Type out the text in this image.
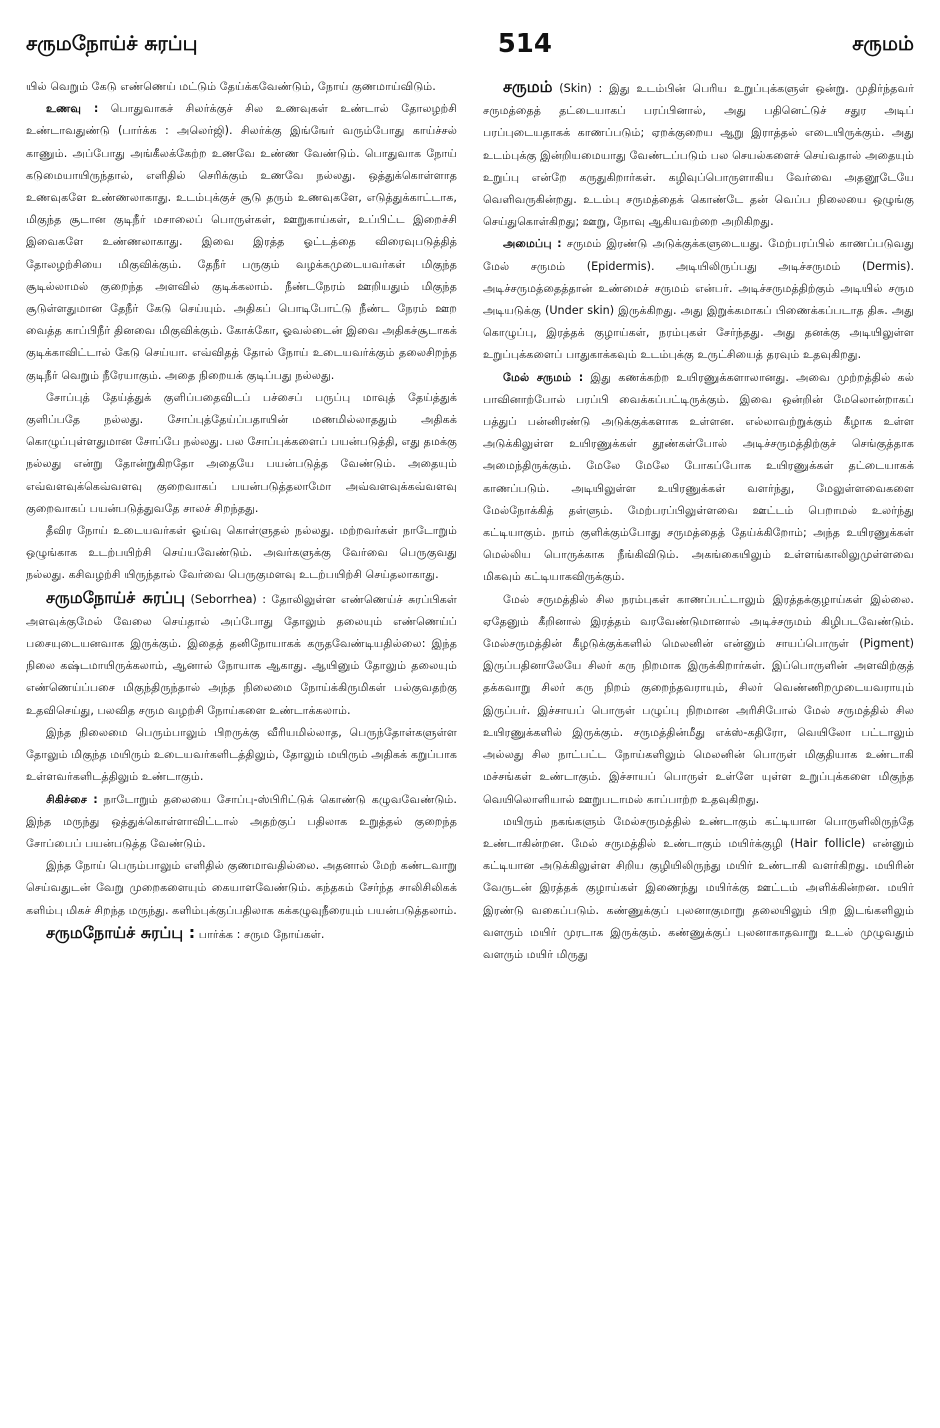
சருமநோய்ச் சுரப்பு	514	சருமம்

யில் வெறும் கேடு எண்ணெய் மட்டும் தேய்க்கவேண்டும், நோய் குணமாய்விடும்.

உணவு : பொதுவாகச் சிலர்க்குச் சில உணவுகள் உண்டால் தோலழற்சி உண்டாவதுண்டு (பார்க்க : அலெர்ஜி). சிலர்க்கு இங்ஙேர் வரும்போது காய்ச்சல் காணும். அப்போது அங்கீலக்கேற்ற உணவே உண்ண வேண்டும். பொதுவாக நோய் கடுமையாயிருந்தால், எளிதில் செரிக்கும் உணவே நல்லது. ஒத்துக்கொள்ளாத உணவுகளே உண்ணலாகாது. உடம்புக்குச் சூடு தரும் உணவுகளே, எடுத்துக்காட்டாக, மிகுந்த சூடான குடிநீர் மசாலைப் பொருள்கள், ஊறுகாய்கள், உப்பிட்ட இறைச்சி இவைகளே உண்ணலாகாது. இவை இரத்த ஓட்டத்தை விரைவுபடுத்தித் தோலழற்சியை மிகுவிக்கும். தேநீர் பருகும் வழக்கமுடையவர்கள் மிகுந்த சூடில்லாமல் குறைந்த அளவில் குடிக்கலாம். நீண்டநேரம் ஊறியதும் மிகுந்த சூடுள்ளதுமான தேநீர் கேடு செய்யும். அதிகப் பொடிபோட்டு நீண்ட நேரம் ஊற வைத்த காப்பிநீர் தினவை மிகுவிக்கும். கோக்கோ, ஓவல்டைன் இவை அதிகச்சூடாகக் குடிக்காவிட்டால் கேடு செய்யா. எவ்விதத் தோல் நோய் உடையவர்க்கும் தலைசிறந்த குடிநீர் வெறும் நீரேயாகும். அதை நிறையக் குடிப்பது நல்லது.

சோப்புத் தேய்த்துக் குளிப்பதைவிடப் பச்சைப் பருப்பு மாவுத் தேய்த்துக் குளிப்பதே நல்லது. சோப்புத்தேய்ப்பதாயின் மணமில்லாததும் அதிகக் கொழுப்புள்ளதுமான சோப்பே நல்லது. பல சோப்புக்களைப் பயன்படுத்தி, எது தமக்கு நல்லது என்று தோன்றுகிறதோ அதையே பயன்படுத்த வேண்டும். அதையும் எவ்வளவுக்கெவ்வளவு குறைவாகப் பயன்படுத்தலாமோ அவ்வளவுக்கவ்வளவு குறைவாகப் பயன்படுத்துவதே சாலச் சிறந்தது.

தீவிர நோய் உடையவர்கள் ஓய்வு கொள்ளுதல் நல்லது. மற்றவர்கள் நாடோறும் ஒழுங்காக உடற்பயிற்சி செய்யவேண்டும். அவர்களுக்கு வேர்வை பெருகுவது நல்லது. கசிவழற்சி யிருந்தால் வேர்வை பெருகுமளவு உடற்பயிற்சி செய்தலாகாது.

சருமநோய்ச் சுரப்பு (Seborrhea) : தோலிலுள்ள எண்ணெய்ச் சுரப்பிகள் அளவுக்குமேல் வேலை செய்தால் அப்போது தோலும் தலையும் எண்ணெய்ப் பசையுடையனவாக இருக்கும். இதைத் தனிநோயாகக் கருதவேண்டியதில்லை: இந்த நிலை கஷ்டமாயிருக்கலாம், ஆனால் நோயாக ஆகாது. ஆயினும் தோலும் தலையும் எண்ணெய்ப்பசை மிகுந்திருந்தால் அந்த நிலைமை நோய்க்கிருமிகள் பல்குவதற்கு உதவிசெய்து, பலவித சரும வழற்சி நோய்களை உண்டாக்கலாம்.

இந்த நிலைமை பெரும்பாலும் பிறருக்கு வீரியமில்லாத, பெருந்தோள்களுள்ள தோலும் மிகுந்த மயிரும் உடையவர்களிடத்திலும், தோலும் மயிரும் அதிகக் கறுப்பாக உள்ளவர்களிடத்திலும் உண்டாகும்.

சிகிச்சை : நாடோறும் தலையை சோப்பு-ஸ்பிரிட்டுக் கொண்டு கழுவவேண்டும். இந்த மருந்து ஒத்துக்கொள்ளாவிட்டால் அதற்குப் பதிலாக உறுத்தல் குறைந்த சோப்பைப் பயன்படுத்த வேண்டும்.

இந்த நோய் பெரும்பாலும் எளிதில் குணமாவதில்லை. அதனால் மேற் கண்டவாறு செய்வதுடன் வேறு முறைகளையும் கையாளவேண்டும். கந்தகம் சேர்ந்த சாலிசிலிகக் களிம்பு மிகச் சிறந்த மருந்து. களிம்புக்குப்பதிலாக கக்கழுவுநீரையும் பயன்படுத்தலாம்.

சருமநோய்ச் சுரப்பு : பார்க்க : சரும நோய்கள்.

சருமம் (Skin) : இது உடம்பின் பெரிய உறுப்புக்களுள் ஒன்று. முதிர்ந்தவர் சருமத்தைத் தட்டையாகப் பரப்பினால், அது பதினெட்டுச் சதுர அடிப் பரப்புடையதாகக் காணப்படும்; ஏறக்குறைய ஆறு இராத்தல் எடையிருக்கும். அது உடம்புக்கு இன்றியமையாது வேண்டப்படும் பல செயல்களைச் செய்வதால் அதையும் உறுப்பு என்றே கருதுகிறார்கள். கழிவுப்பொருளாகிய வேர்வை அதனூடேயே வெளிவருகின்றது. உடம்பு சருமத்தைக் கொண்டே தன் வெப்ப நிலையை ஒழுங்கு செய்துகொள்கிறது; ஊறு, நோவு ஆகியவற்றை அறிகிறது.

அமைப்பு : சருமம் இரண்டு அடுக்குக்களுடையது. மேற்பரப்பில் காணப்படுவது மேல் சருமம் (Epidermis). அடியிலிருப்பது அடிச்சருமம் (Dermis). அடிச்சருமத்தைத்தான் உண்மைச் சருமம் என்பர். அடிச்சருமத்திற்கும் அடியில் சரும அடியடுக்கு (Under skin) இருக்கிறது. அது இறுக்கமாகப் பிணைக்கப்படாத திசு. அது கொழுப்பு, இரத்தக் குழாய்கள், நரம்புகள் சேர்ந்தது. அது தனக்கு அடியிலுள்ள உறுப்புக்களைப் பாதுகாக்கவும் உடம்புக்கு உருட்சியைத் தரவும் உதவுகிறது.

மேல் சருமம் : இது கணக்கற்ற உயிரணுக்களாலானது. அவை முற்றத்தில் கல் பாவினாற்போல் பரப்பி வைக்கப்பட்டிருக்கும். இவை ஒன்றின் மேலொன்றாகப் பத்துப் பன்னிரண்டு அடுக்குக்களாக உள்ளன. எல்லாவற்றுக்கும் கீழாக உள்ள அடுக்கிலுள்ள உயிரணுக்கள் தூண்கள்போல் அடிச்சருமத்திற்குச் செங்குத்தாக அமைந்திருக்கும். மேலே மேலே போகப்போக உயிரணுக்கள் தட்டையாகக் காணப்படும். அடியிலுள்ள உயிரணுக்கள் வளர்ந்து, மேலுள்ளவைகளை மேல்நோக்கித் தள்ளும். மேற்பரப்பிலுள்ளவை ஊட்டம் பெறாமல் உலர்ந்து கட்டியாகும். நாம் குளிக்கும்போது சருமத்தைத் தேய்க்கிறோம்; அந்த உயிரணுக்கள் மெல்லிய பொருக்காக நீங்கிவிடும். அகங்கையிலும் உள்ளங்காலிலுமுள்ளவை மிகவும் கட்டியாகவிருக்கும்.

மேல் சருமத்தில் சில நரம்புகள் காணப்பட்டாலும் இரத்தக்குழாய்கள் இல்லை. ஏதேனும் கீறினால் இரத்தம் வரவேண்டுமானால் அடிச்சருமம் கிழிபடவேண்டும். மேல்சருமத்தின் கீழடுக்குக்களில் மெலனின் என்னும் சாயப்பொருள் (Pigment) இருப்பதினாலேயே சிலர் கரு நிறமாக இருக்கிறார்கள். இப்பொருளின் அளவிற்குத் தக்கவாறு சிலர் கரு நிறம் குறைந்தவராயும், சிலர் வெண்ணிறமுடையவராயும் இருப்பர். இச்சாயப் பொருள் பழுப்பு நிறமான அரிசிபோல் மேல் சருமத்தில் சில உயிரணுக்களில் இருக்கும். சருமத்தின்மீது எக்ஸ்-கதிரோ, வெயிலோ பட்டாலும் அல்லது சில நாட்பட்ட நோய்களிலும் மெலனின் பொருள் மிகுதியாக உண்டாகி மச்சங்கள் உண்டாகும். இச்சாயப் பொருள் உள்ளே யுள்ள உறுப்புக்களை மிகுந்த வெயிலொளியால் ஊறுபடாமல் காப்பாற்ற உதவுகிறது.

மயிரும் நகங்களும் மேல்சருமத்தில் உண்டாகும் கட்டியான பொருளிலிருந்தே உண்டாகின்றன. மேல் சருமத்தில் உண்டாகும் மயிர்க்குழி (Hair follicle) என்னும் கட்டியான அடுக்கிலுள்ள சிறிய குழியிலிருந்து மயிர் உண்டாகி வளர்கிறது. மயிரின் வேருடன் இரத்தக் குழாய்கள் இணைந்து மயிர்க்கு ஊட்டம் அளிக்கின்றன. மயிர் இரண்டு வகைப்படும். கண்ணுக்குப் புலனாகுமாறு தலையிலும் பிற இடங்களிலும் வளரும் மயிர் முரடாக இருக்கும். கண்ணுக்குப் புலனாகாதவாறு உடல் முழுவதும் வளரும் மயிர் மிருது
